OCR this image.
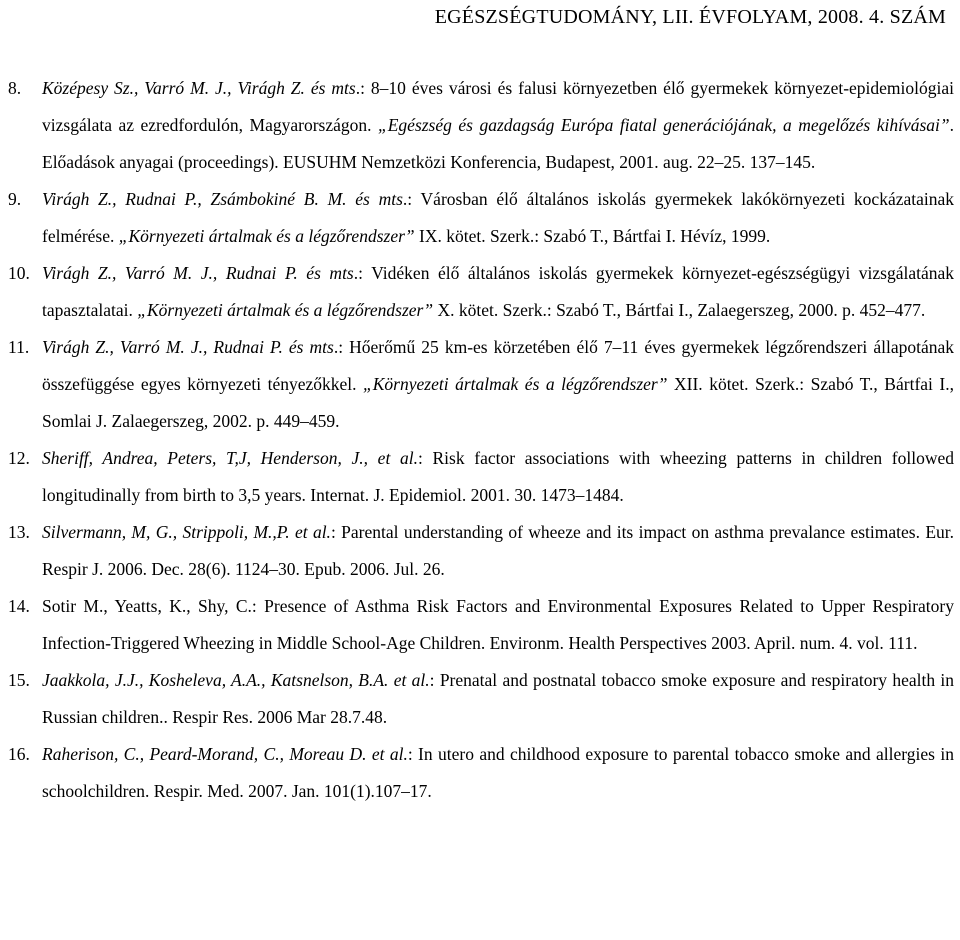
EGÉSZSÉGTUDOMÁNY, LII. ÉVFOLYAM, 2008. 4. SZÁM
8. Középesy Sz., Varró M. J., Virágh Z. és mts.: 8–10 éves városi és falusi környezetben élő gyermekek környezet-epidemiológiai vizsgálata az ezredfordulón, Magyarországon. „Egészség és gazdagság Európa fiatal generációjának, a megelőzés kihívásai”. Előadások anyagai (proceedings). EUSUHM Nemzetközi Konferencia, Budapest, 2001. aug. 22–25. 137–145.
9. Virágh Z., Rudnai P., Zsámbokiné B. M. és mts.: Városban élő általános iskolás gyermekek lakókörnyezeti kockázatainak felmérése. „Környezeti ártalmak és a légzőrendszer” IX. kötet. Szerk.: Szabó T., Bártfai I. Hévíz, 1999.
10. Virágh Z., Varró M. J., Rudnai P. és mts.: Vidéken élő általános iskolás gyermekek környezet-egészségügyi vizsgálatának tapasztalatai. „Környezeti ártalmak és a légzőrendszer” X. kötet. Szerk.: Szabó T., Bártfai I., Zalaegerszeg, 2000. p. 452–477.
11. Virágh Z., Varró M. J., Rudnai P. és mts.: Hőerőmű 25 km-es körzetében élő 7–11 éves gyermekek légzőrendszeri állapotának összefüggése egyes környezeti tényezőkkel. „Környezeti ártalmak és a légzőrendszer” XII. kötet. Szerk.: Szabó T., Bártfai I., Somlai J. Zalaegerszeg, 2002. p. 449–459.
12. Sheriff, Andrea, Peters, T,J, Henderson, J., et al.: Risk factor associations with wheezing patterns in children followed longitudinally from birth to 3,5 years. Internat. J. Epidemiol. 2001. 30. 1473–1484.
13. Silvermann, M, G., Strippoli, M.,P. et al.: Parental understanding of wheeze and its impact on asthma prevalance estimates. Eur. Respir J. 2006. Dec. 28(6). 1124–30. Epub. 2006. Jul. 26.
14. Sotir M., Yeatts, K., Shy, C.: Presence of Asthma Risk Factors and Environmental Exposures Related to Upper Respiratory Infection-Triggered Wheezing in Middle School-Age Children. Environm. Health Perspectives 2003. April. num. 4. vol. 111.
15. Jaakkola, J.J., Kosheleva, A.A., Katsnelson, B.A. et al.: Prenatal and postnatal tobacco smoke exposure and respiratory health in Russian children.. Respir Res. 2006 Mar 28.7.48.
16. Raherison, C., Peard-Morand, C., Moreau D. et al.: In utero and childhood exposure to parental tobacco smoke and allergies in schoolchildren. Respir. Med. 2007. Jan. 101(1).107–17.
